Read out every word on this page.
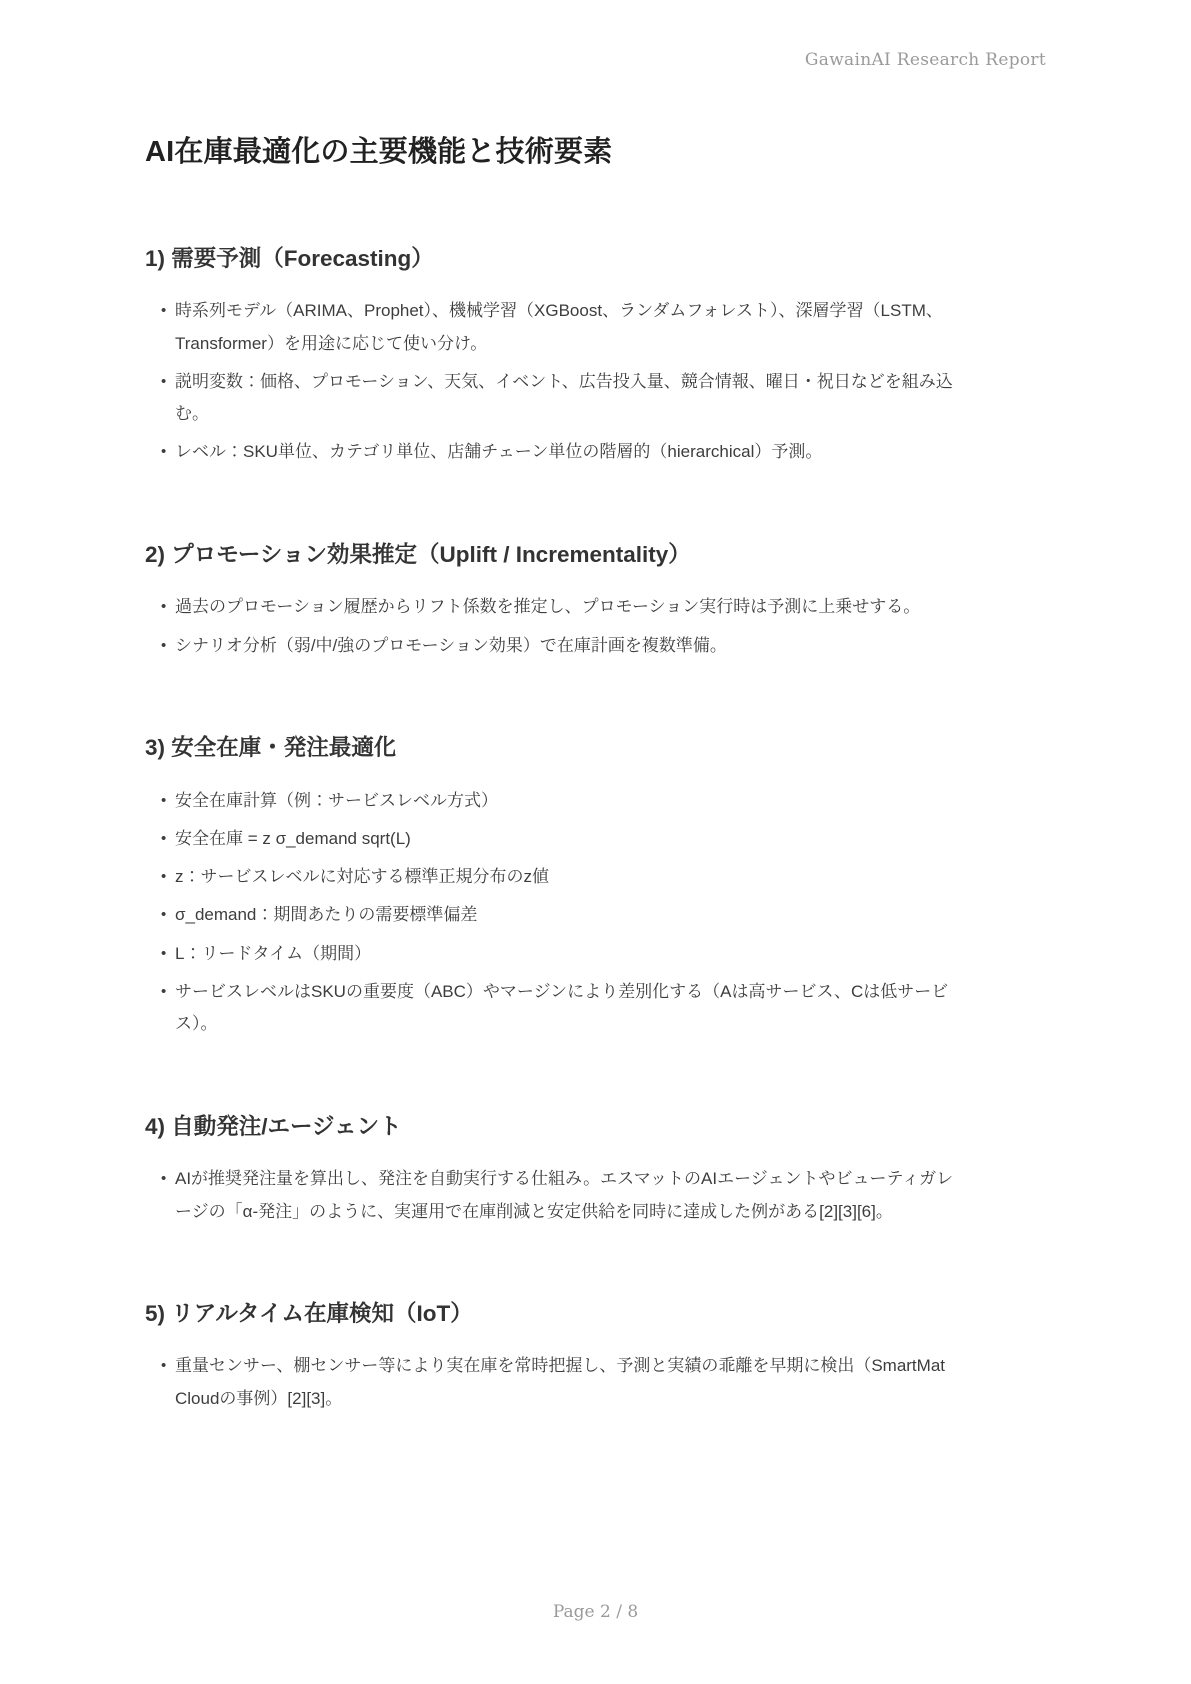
GawainAI Research Report
AI在庫最適化の主要機能と技術要素
1) 需要予測（Forecasting）
• 時系列モデル（ARIMA、Prophet）、機械学習（XGBoost、ランダムフォレスト）、深層学習（LSTM、Transformer）を用途に応じて使い分け。
• 説明変数：価格、プロモーション、天気、イベント、広告投入量、競合情報、曜日・祝日などを組み込む。
• レベル：SKU単位、カテゴリ単位、店舗チェーン単位の階層的（hierarchical）予測。
2) プロモーション効果推定（Uplift / Incrementality）
• 過去のプロモーション履歴からリフト係数を推定し、プロモーション実行時は予測に上乗せする。
• シナリオ分析（弱/中/強のプロモーション効果）で在庫計画を複数準備。
3) 安全在庫・発注最適化
• 安全在庫計算（例：サービスレベル方式）
• 安全在庫 = z σ_demand sqrt(L)
• z：サービスレベルに対応する標準正規分布のz値
• σ_demand：期間あたりの需要標準偏差
• L：リードタイム（期間）
• サービスレベルはSKUの重要度（ABC）やマージンにより差別化する（Aは高サービス、Cは低サービス）。
4) 自動発注/エージェント
• AIが推奨発注量を算出し、発注を自動実行する仕組み。エスマットのAIエージェントやビューティガレージの「α-発注」のように、実運用で在庫削減と安定供給を同時に達成した例がある[2][3][6]。
5) リアルタイム在庫検知（IoT）
• 重量センサー、棚センサー等により実在庫を常時把握し、予測と実績の乖離を早期に検出（SmartMat Cloudの事例）[2][3]。
Page 2 / 8
